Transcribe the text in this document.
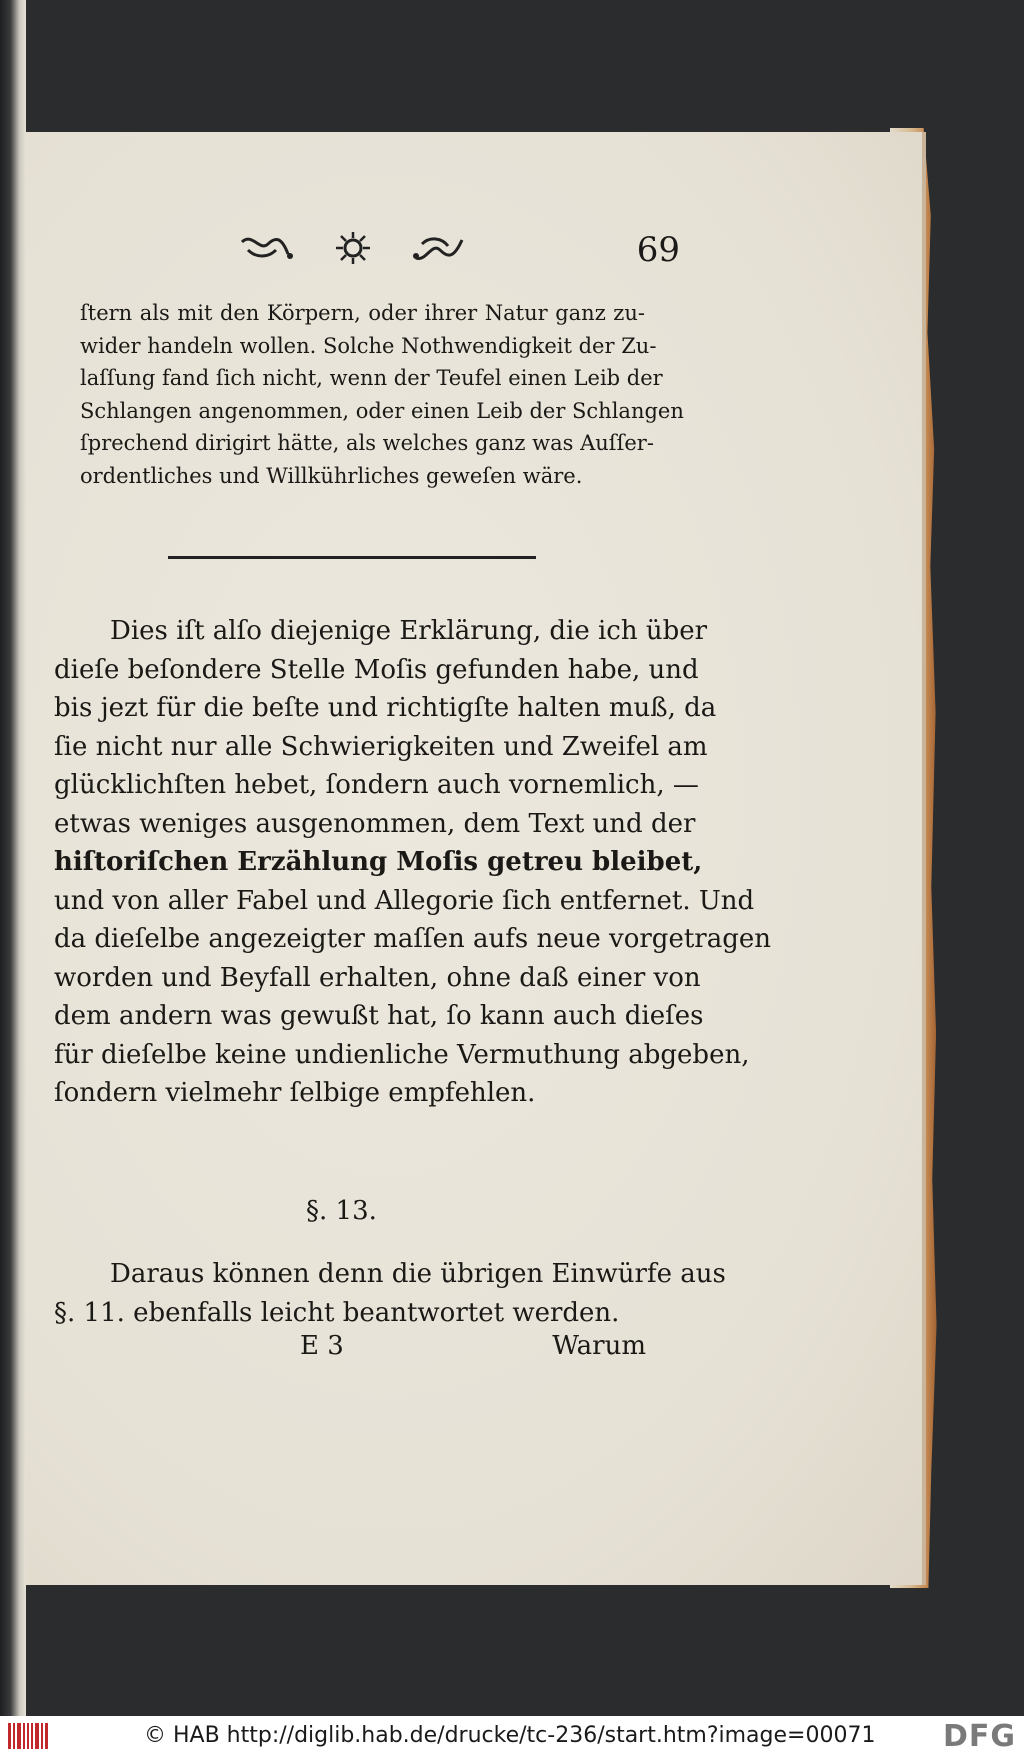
69
ſtern als mit den Körpern, oder ihrer Natur ganz zu-
wider handeln wollen. Solche Nothwendigkeit der Zu-
laſſung fand ſich nicht, wenn der Teufel einen Leib der
Schlangen angenommen, oder einen Leib der Schlangen
ſprechend dirigirt hätte, als welches ganz was Auſſer-
ordentliches und Willkührliches geweſen wäre.
Dies iſt alſo diejenige Erklärung, die ich über
dieſe beſondere Stelle Moſis gefunden habe, und
bis jezt für die beſte und richtigſte halten muß, da
ſie nicht nur alle Schwierigkeiten und Zweifel am
glücklichſten hebet, ſondern auch vornemlich, —
etwas weniges ausgenommen, dem Text und der
hiſtoriſchen Erzählung Moſis getreu bleibet,
und von aller Fabel und Allegorie ſich entfernet. Und
da dieſelbe angezeigter maſſen aufs neue vorgetragen
worden und Beyfall erhalten, ohne daß einer von
dem andern was gewußt hat, ſo kann auch dieſes
für dieſelbe keine undienliche Vermuthung abgeben,
ſondern vielmehr ſelbige empfehlen.
§. 13.
Daraus können denn die übrigen Einwürfe aus
§. 11. ebenfalls leicht beantwortet werden.
E 3	Warum
© HAB http://diglib.hab.de/drucke/tc-236/start.htm?image=00071 DFG
